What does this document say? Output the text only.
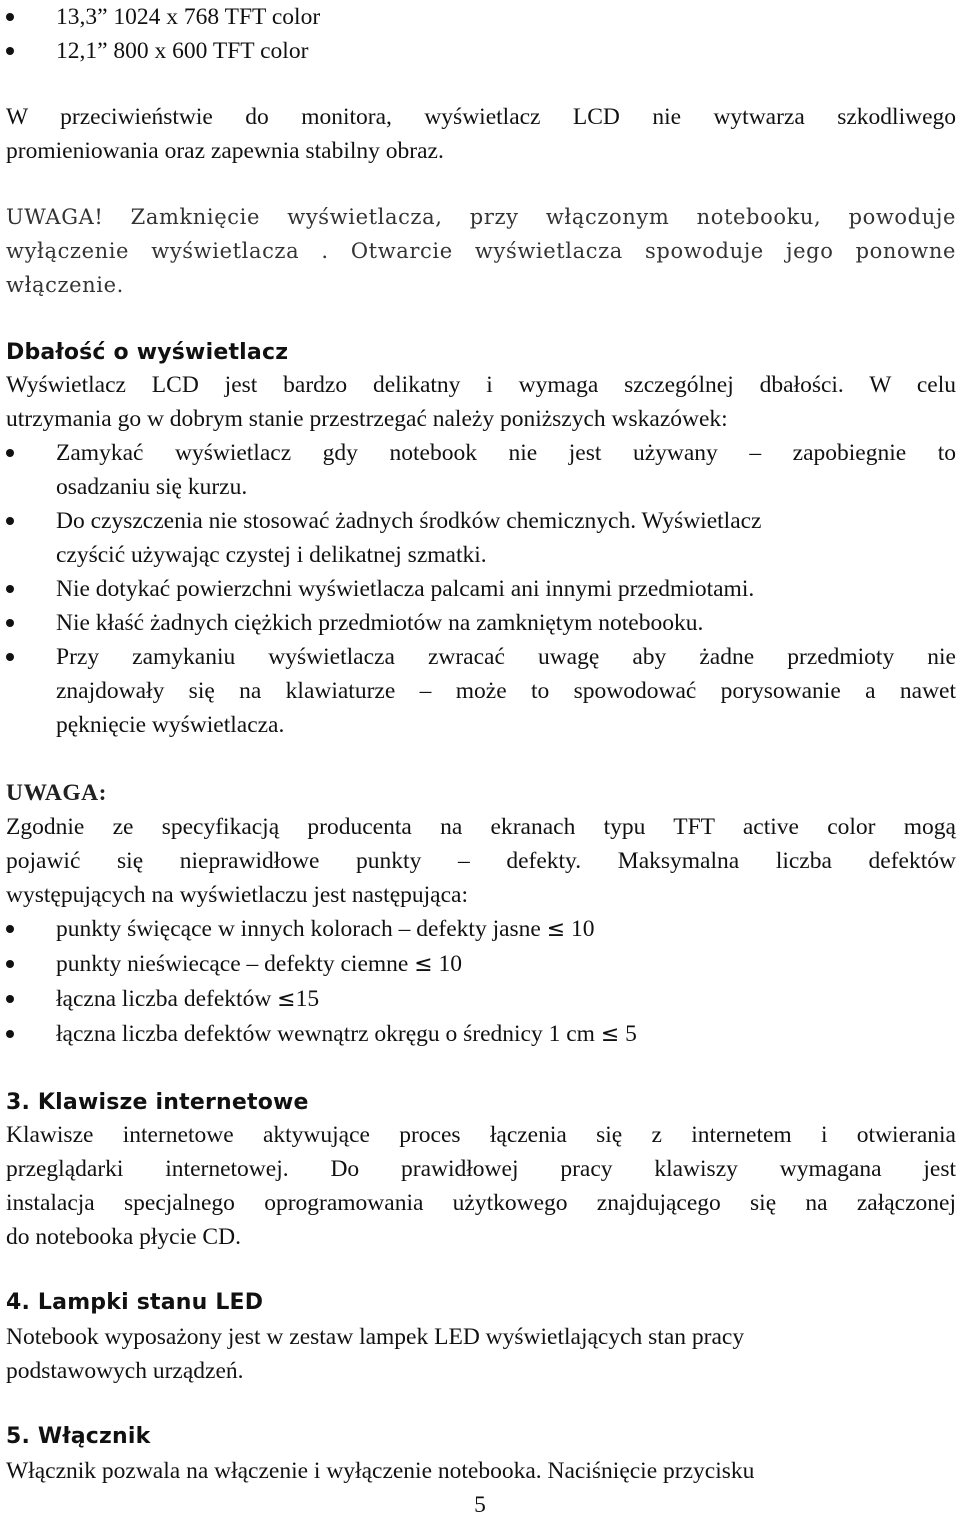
13,3” 1024 x 768 TFT color
12,1” 800 x 600 TFT color
W przeciwieństwie do monitora, wyświetlacz LCD nie wytwarza szkodliwego
promieniowania oraz zapewnia stabilny obraz.
UWAGA! Zamknięcie wyświetlacza, przy włączonym notebooku, powoduje
wyłączenie wyświetlacza . Otwarcie wyświetlacza spowoduje jego ponowne
włączenie.
Dbałość o wyświetlacz
Wyświetlacz LCD jest bardzo delikatny i wymaga szczególnej dbałości. W celu
utrzymania go w dobrym stanie przestrzegać należy poniższych wskazówek:
Zamykać wyświetlacz gdy notebook nie jest używany – zapobiegnie to
osadzaniu się kurzu.
Do czyszczenia nie stosować żadnych środków chemicznych. Wyświetlacz
czyścić używając czystej i delikatnej szmatki.
Nie dotykać powierzchni wyświetlacza palcami ani innymi przedmiotami.
Nie kłaść żadnych ciężkich przedmiotów na zamkniętym notebooku.
Przy zamykaniu wyświetlacza zwracać uwagę aby żadne przedmioty nie
znajdowały się na klawiaturze – może to spowodować porysowanie a nawet
pęknięcie wyświetlacza.
UWAGA:
Zgodnie ze specyfikacją producenta na ekranach typu TFT active color mogą
pojawić się nieprawidłowe punkty – defekty. Maksymalna liczba defektów
występujących na wyświetlaczu jest następująca:
punkty święcące w innych kolorach – defekty jasne ≤ 10
punkty nieświecące – defekty ciemne ≤ 10
łączna liczba defektów ≤15
łączna liczba defektów wewnątrz okręgu o średnicy 1 cm ≤ 5
3. Klawisze internetowe
Klawisze internetowe aktywujące proces łączenia się z internetem i otwierania
przeglądarki internetowej. Do prawidłowej pracy klawiszy wymagana jest
instalacja specjalnego oprogramowania użytkowego znajdującego się na załączonej
do notebooka płycie CD.
4. Lampki stanu LED
Notebook wyposażony jest w zestaw lampek LED wyświetlających stan pracy
podstawowych urządzeń.
5. Włącznik
Włącznik pozwala na włączenie i wyłączenie notebooka. Naciśnięcie przycisku
5
